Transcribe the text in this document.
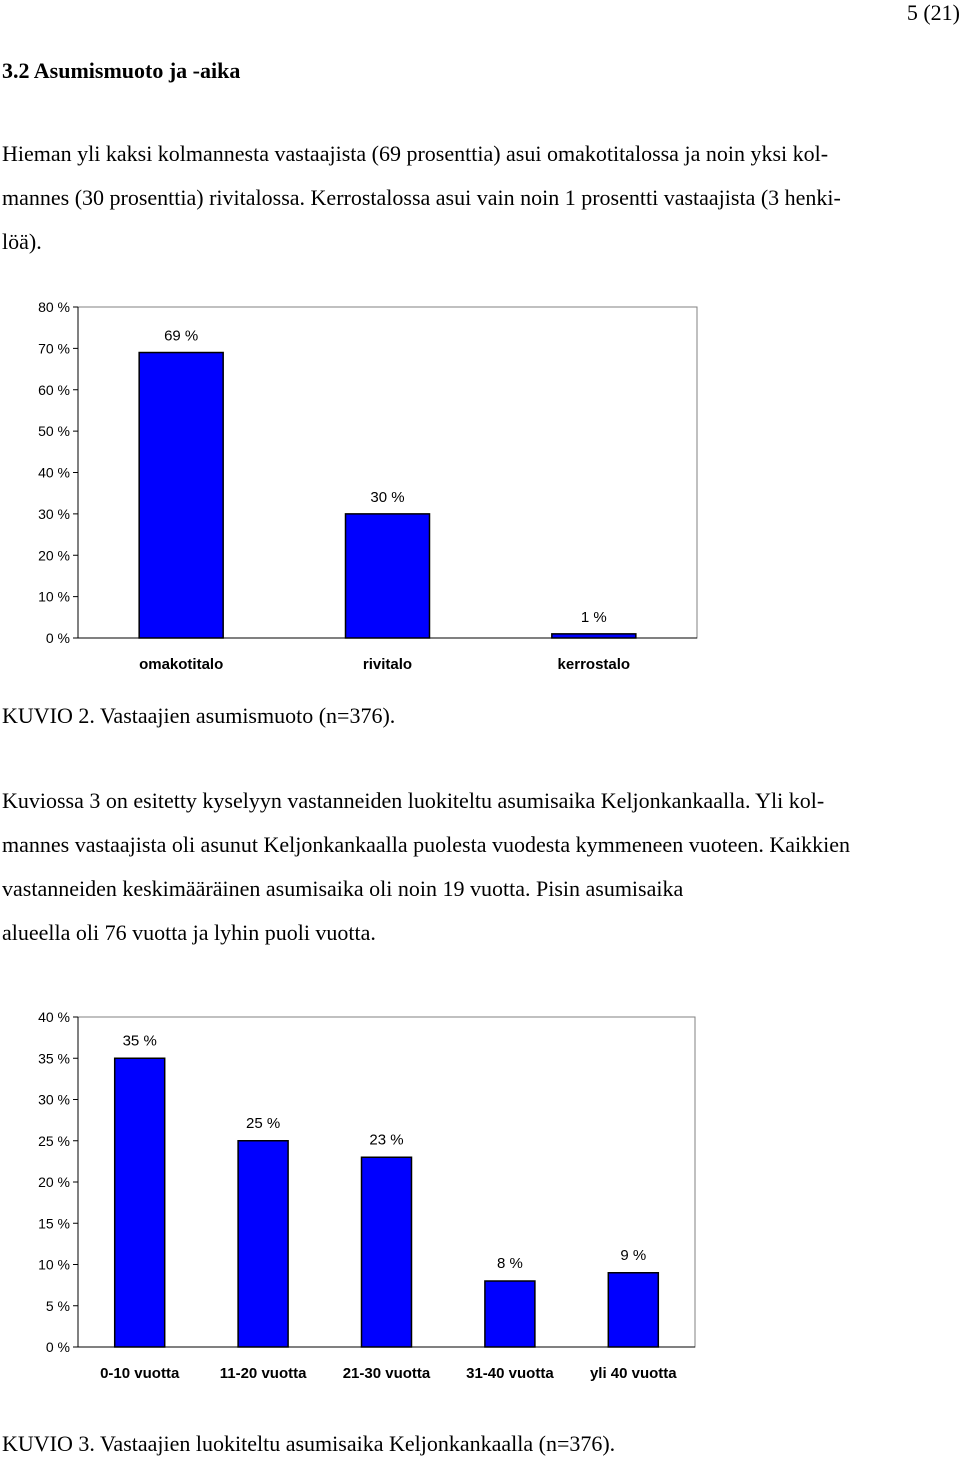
5 (21)
3.2 Asumismuoto ja -aika
Hieman yli kaksi kolmannesta vastaajista (69 prosenttia) asui omakotitalossa ja noin yksi kol-
mannes (30 prosenttia) rivitalossa. Kerrostalossa asui vain noin 1 prosentti vastaajista (3 henki-
löä).
0 %
10 %
20 %
30 %
40 %
50 %
60 %
70 %
80 %
69 %
omakotitalo
30 %
rivitalo
1 %
kerrostalo
KUVIO 2. Vastaajien asumismuoto (n=376).
Kuviossa 3 on esitetty kyselyyn vastanneiden luokiteltu asumisaika Keljonkankaalla. Yli kol-
mannes vastaajista oli asunut Keljonkankaalla puolesta vuodesta kymmeneen vuoteen. Kaikkien
vastanneiden keskimääräinen asumisaika oli noin 19 vuotta. Pisin asumisaika
alueella oli 76 vuotta ja lyhin puoli vuotta.
0 %
5 %
10 %
15 %
20 %
25 %
30 %
35 %
40 %
35 %
0-10 vuotta
25 %
11-20 vuotta
23 %
21-30 vuotta
8 %
31-40 vuotta
9 %
yli 40 vuotta
KUVIO 3. Vastaajien luokiteltu asumisaika Keljonkankaalla (n=376).
